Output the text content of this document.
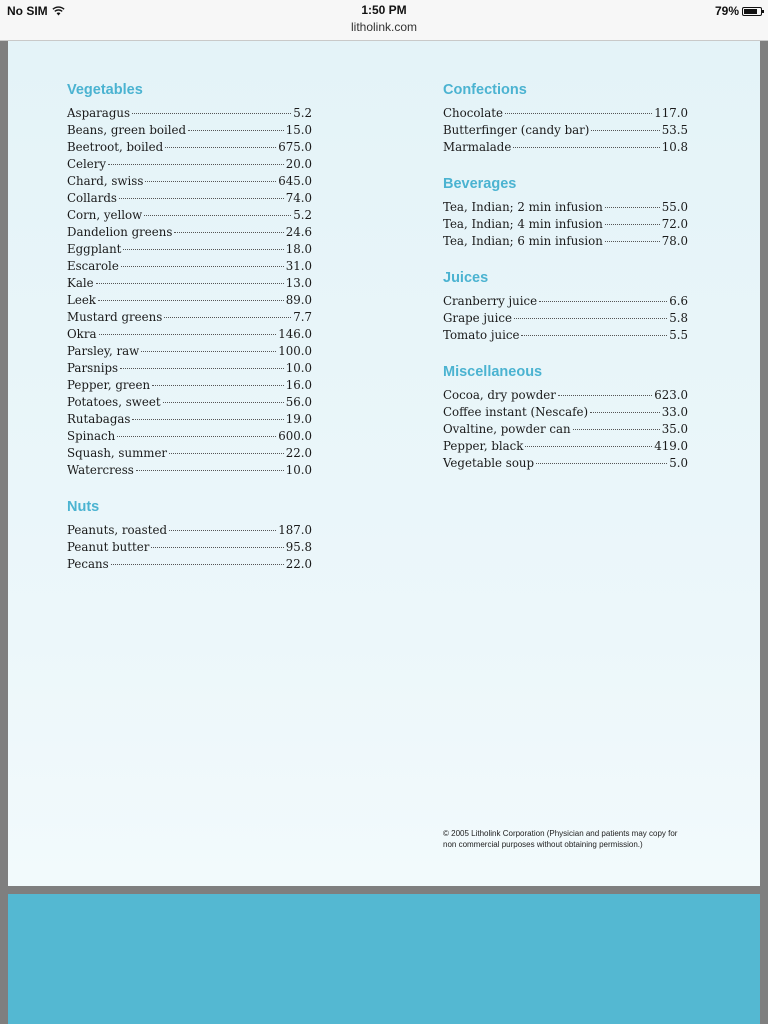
No SIM	1:50 PM
litholink.com
79%
Vegetables
Asparagus	5.2
Beans, green boiled	15.0
Beetroot, boiled	675.0
Celery	20.0
Chard, swiss	645.0
Collards	74.0
Corn, yellow	5.2
Dandelion greens	24.6
Eggplant	18.0
Escarole	31.0
Kale	13.0
Leek	89.0
Mustard greens	7.7
Okra	146.0
Parsley, raw	100.0
Parsnips	10.0
Pepper, green	16.0
Potatoes, sweet	56.0
Rutabagas	19.0
Spinach	600.0
Squash, summer	22.0
Watercress	10.0
Nuts
Peanuts, roasted	187.0
Peanut butter	95.8
Pecans	22.0
Confections
Chocolate	117.0
Butterfinger (candy bar)	53.5
Marmalade	10.8
Beverages
Tea, Indian; 2 min infusion	55.0
Tea, Indian; 4 min infusion	72.0
Tea, Indian; 6 min infusion	78.0
Juices
Cranberry juice	6.6
Grape juice	5.8
Tomato juice	5.5
Miscellaneous
Cocoa, dry powder	623.0
Coffee instant (Nescafe)	33.0
Ovaltine, powder can	35.0
Pepper, black	419.0
Vegetable soup	5.0
© 2005 Litholink Corporation (Physician and patients may copy for
non commercial purposes without obtaining permission.)
